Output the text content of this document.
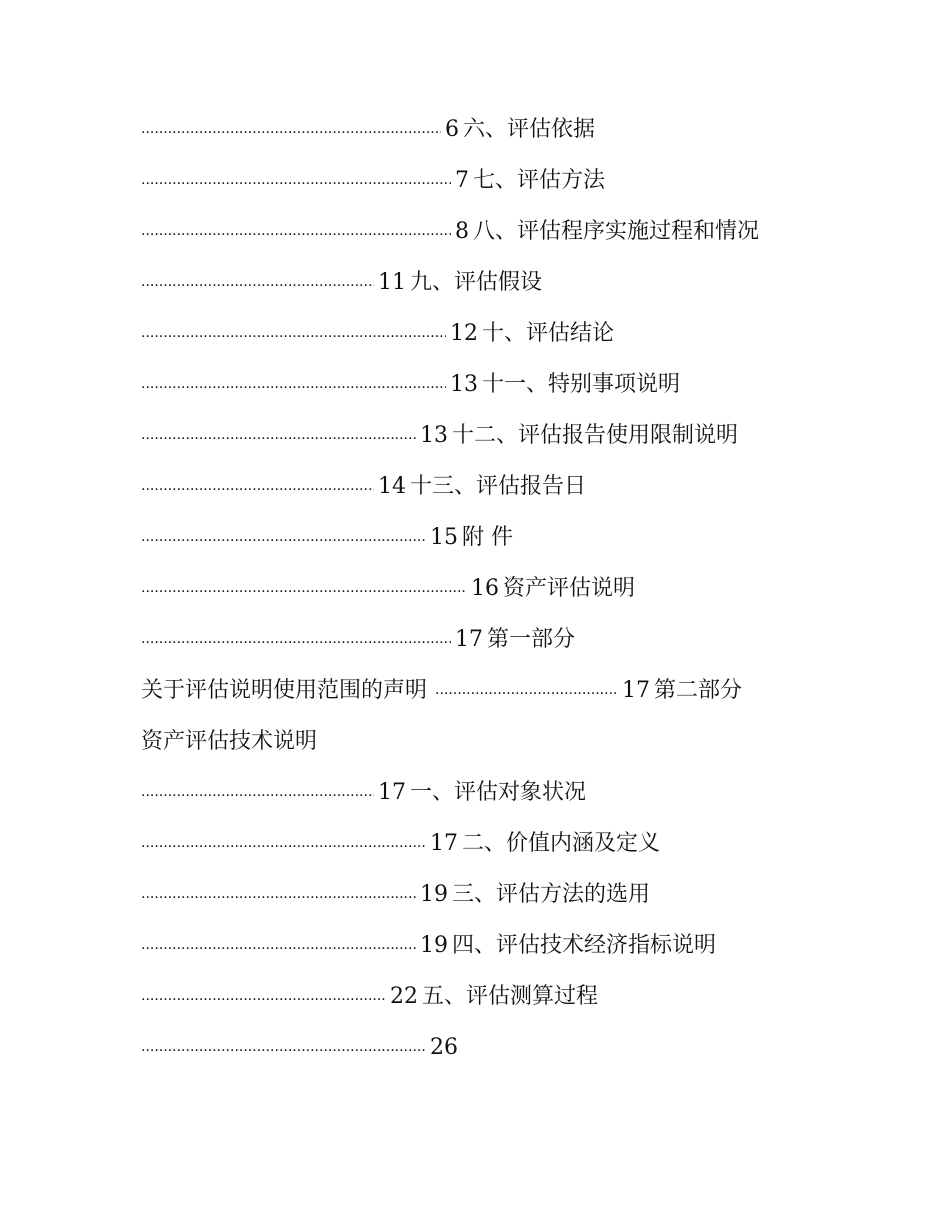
.....6 六、评估依据
.....7 七、评估方法
.....8 八、评估程序实施过程和情况
.....11 九、评估假设
.....12 十、评估结论
.....13 十一、特别事项说明
.....13 十二、评估报告使用限制说明
.....14 十三、评估报告日
.....15 附 件
.....16 资产评估说明
.....17 第一部分
关于评估说明使用范围的声明.....	17 第二部分
资产评估技术说明
.....17 一、评估对象状况
.....17 二、价值内涵及定义
.....19 三、评估方法的选用
.....19 四、评估技术经济指标说明
.....22 五、评估测算过程
.....26
